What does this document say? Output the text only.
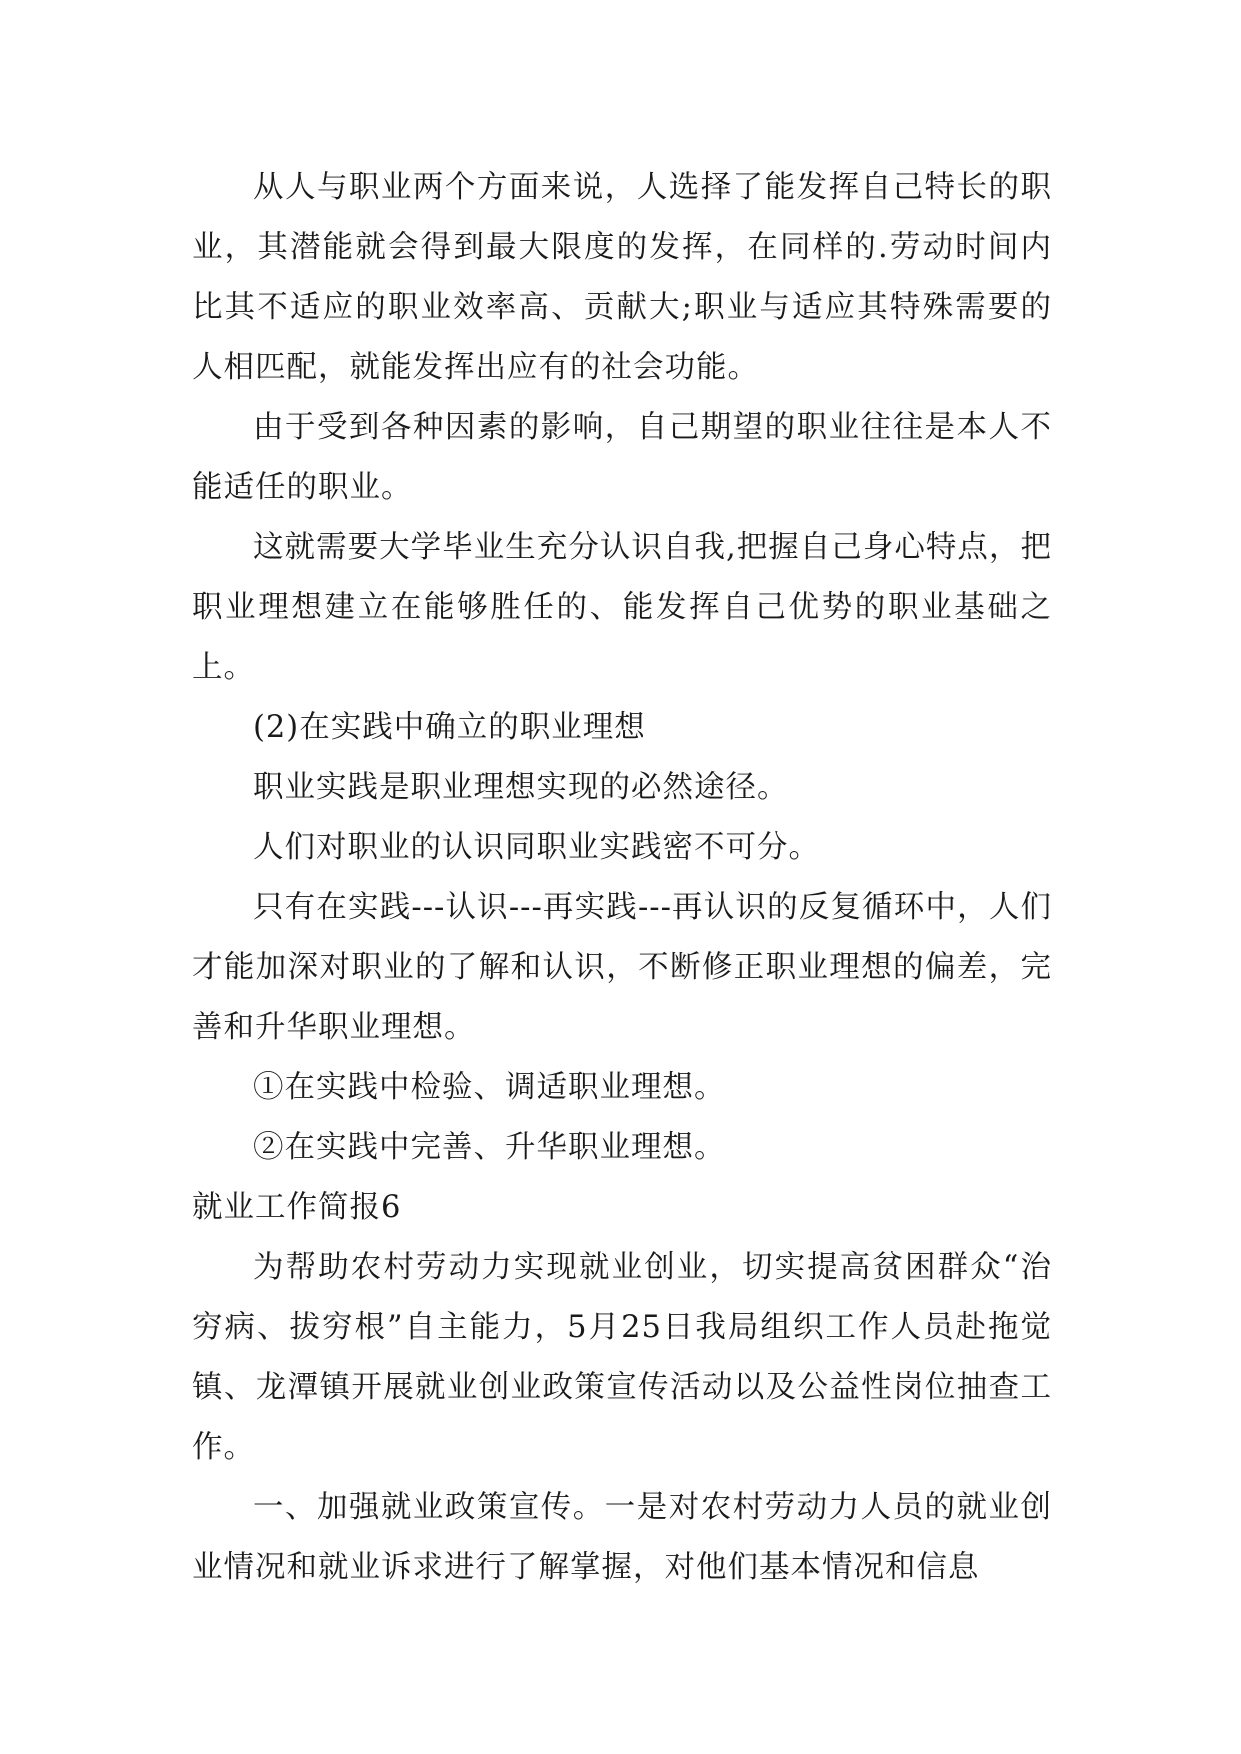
从人与职业两个方面来说，人选择了能发挥自己特长的职业，其潜能就会得到最大限度的发挥，在同样的.劳动时间内比其不适应的职业效率高、贡献大;职业与适应其特殊需要的人相匹配，就能发挥出应有的社会功能。

由于受到各种因素的影响，自己期望的职业往往是本人不能适任的职业。

这就需要大学毕业生充分认识自我,把握自己身心特点，把职业理想建立在能够胜任的、能发挥自己优势的职业基础之上。

(2)在实践中确立的职业理想

职业实践是职业理想实现的必然途径。

人们对职业的认识同职业实践密不可分。

只有在实践---认识---再实践---再认识的反复循环中，人们才能加深对职业的了解和认识，不断修正职业理想的偏差，完善和升华职业理想。

①在实践中检验、调适职业理想。

②在实践中完善、升华职业理想。

就业工作简报6

为帮助农村劳动力实现就业创业，切实提高贫困群众“治穷病、拔穷根”自主能力，5月25日我局组织工作人员赴拖觉镇、龙潭镇开展就业创业政策宣传活动以及公益性岗位抽查工作。

一、加强就业政策宣传。一是对农村劳动力人员的就业创业情况和就业诉求进行了解掌握，对他们基本情况和信息
